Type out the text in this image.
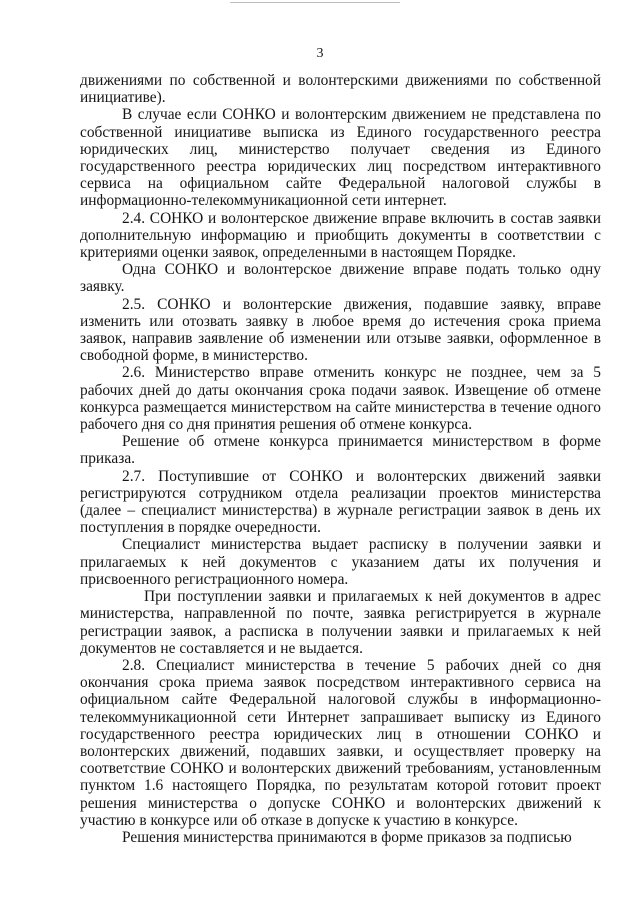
3

движениями по собственной и волонтерскими движениями по собственной инициативе).

В случае если СОНКО и волонтерским движением не представлена по собственной инициативе выписка из Единого государственного реестра юридических лиц, министерство получает сведения из Единого государственного реестра юридических лиц посредством интерактивного сервиса на официальном сайте Федеральной налоговой службы в информационно-телекоммуникационной сети интернет.

2.4. СОНКО и волонтерское движение вправе включить в состав заявки дополнительную информацию и приобщить документы в соответствии с критериями оценки заявок, определенными в настоящем Порядке.

Одна СОНКО и волонтерское движение вправе подать только одну заявку.

2.5. СОНКО и волонтерские движения, подавшие заявку, вправе изменить или отозвать заявку в любое время до истечения срока приема заявок, направив заявление об изменении или отзыве заявки, оформленное в свободной форме, в министерство.

2.6. Министерство вправе отменить конкурс не позднее, чем за 5 рабочих дней до даты окончания срока подачи заявок. Извещение об отмене конкурса размещается министерством на сайте министерства в течение одного рабочего дня со дня принятия решения об отмене конкурса.

Решение об отмене конкурса принимается министерством в форме приказа.

2.7. Поступившие от СОНКО и волонтерских движений заявки регистрируются сотрудником отдела реализации проектов министерства (далее – специалист министерства) в журнале регистрации заявок в день их поступления в порядке очередности.

Специалист министерства выдает расписку в получении заявки и прилагаемых к ней документов с указанием даты их получения и присвоенного регистрационного номера.

При поступлении заявки и прилагаемых к ней документов в адрес министерства, направленной по почте, заявка регистрируется в журнале регистрации заявок, а расписка в получении заявки и прилагаемых к ней документов не составляется и не выдается.

2.8. Специалист министерства в течение 5 рабочих дней со дня окончания срока приема заявок посредством интерактивного сервиса на официальном сайте Федеральной налоговой службы в информационно- телекоммуникационной сети Интернет запрашивает выписку из Единого государственного реестра юридических лиц в отношении СОНКО и волонтерских движений, подавших заявки, и осуществляет проверку на соответствие СОНКО и волонтерских движений требованиям, установленным пунктом 1.6 настоящего Порядка, по результатам которой готовит проект решения министерства о допуске СОНКО и волонтерских движений к участию в конкурсе или об отказе в допуске к участию в конкурсе.

Решения министерства принимаются в форме приказов за подписью
